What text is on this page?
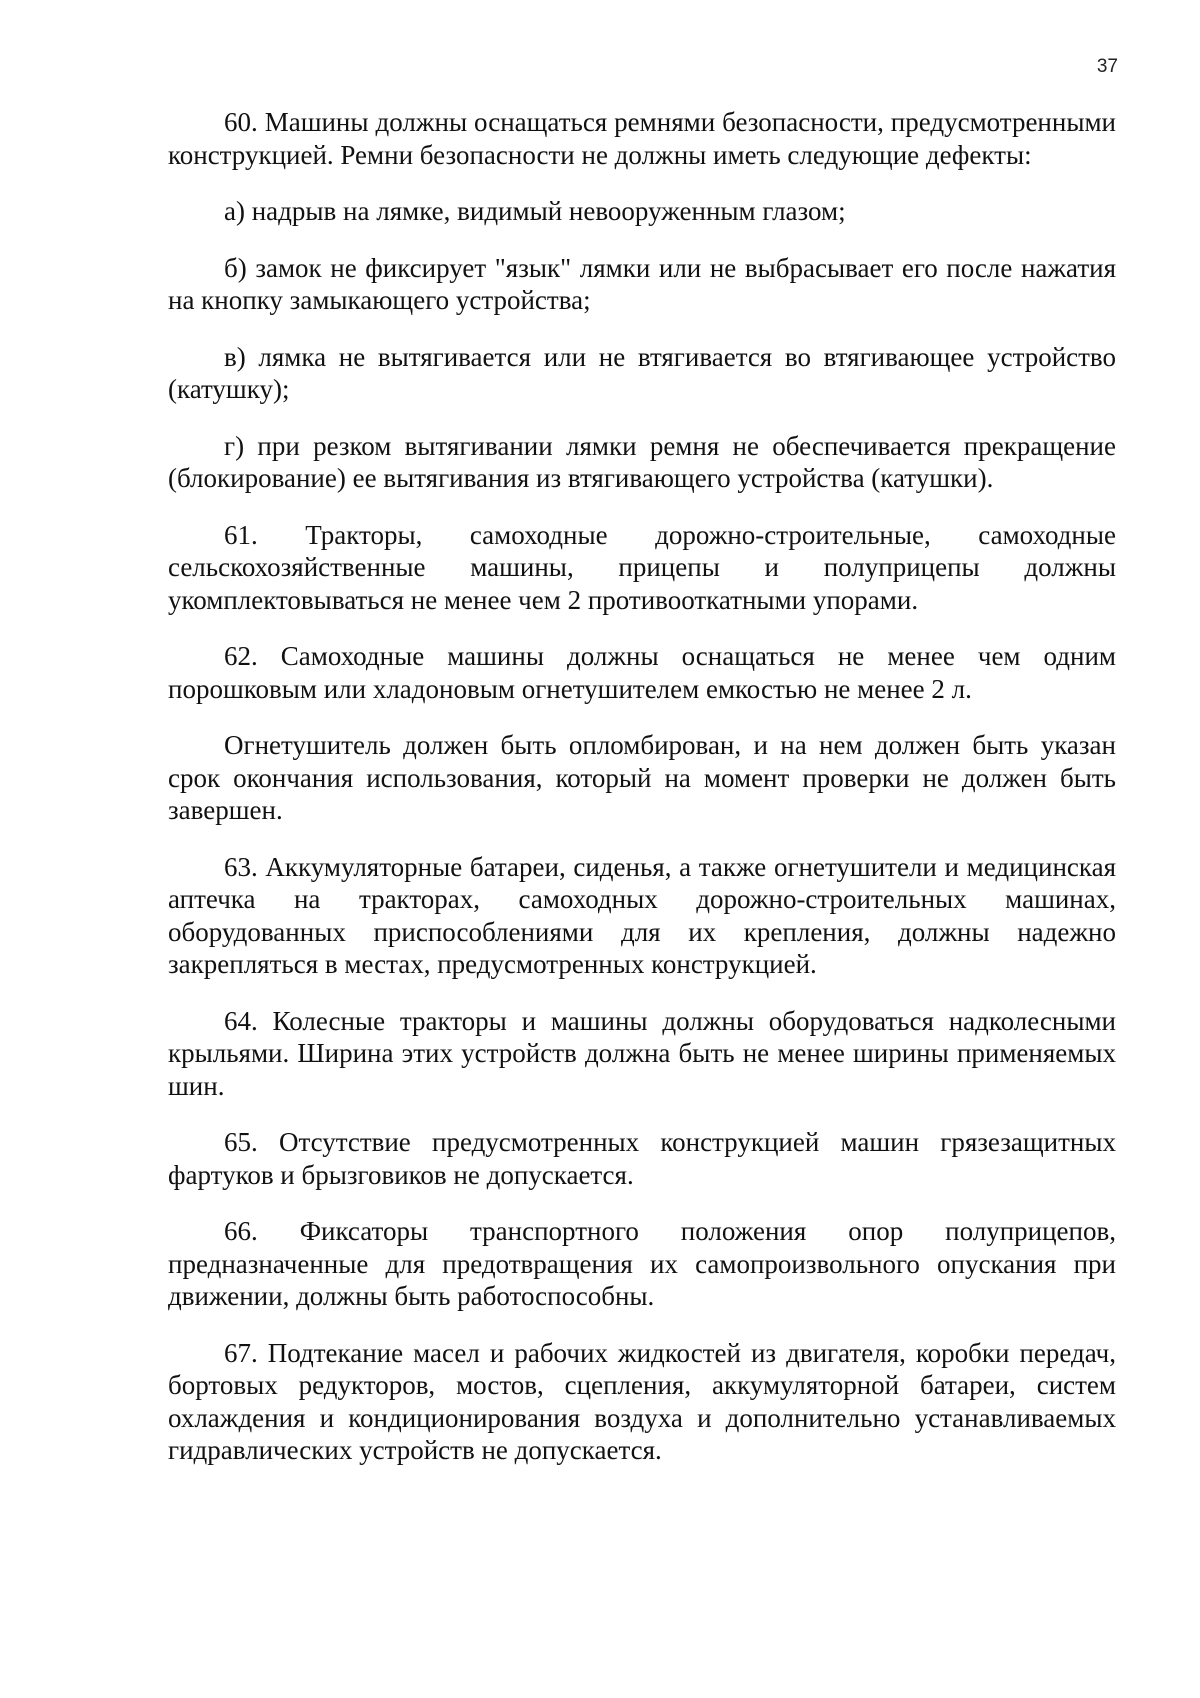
37

60. Машины должны оснащаться ремнями безопасности, предусмотренными конструкцией. Ремни безопасности не должны иметь следующие дефекты:

а) надрыв на лямке, видимый невооруженным глазом;

б) замок не фиксирует "язык" лямки или не выбрасывает его после нажатия на кнопку замыкающего устройства;

в) лямка не вытягивается или не втягивается во втягивающее устройство (катушку);

г) при резком вытягивании лямки ремня не обеспечивается прекращение (блокирование) ее вытягивания из втягивающего устройства (катушки).

61. Тракторы, самоходные дорожно-строительные, самоходные сельскохозяйственные машины, прицепы и полуприцепы должны укомплектовываться не менее чем 2 противооткатными упорами.

62. Самоходные машины должны оснащаться не менее чем одним порошковым или хладоновым огнетушителем емкостью не менее 2 л.

Огнетушитель должен быть опломбирован, и на нем должен быть указан срок окончания использования, который на момент проверки не должен быть завершен.

63. Аккумуляторные батареи, сиденья, а также огнетушители и медицинская аптечка на тракторах, самоходных дорожно-строительных машинах, оборудованных приспособлениями для их крепления, должны надежно закрепляться в местах, предусмотренных конструкцией.

64. Колесные тракторы и машины должны оборудоваться надколесными крыльями. Ширина этих устройств должна быть не менее ширины применяемых шин.

65. Отсутствие предусмотренных конструкцией машин грязезащитных фартуков и брызговиков не допускается.

66. Фиксаторы транспортного положения опор полуприцепов, предназначенные для предотвращения их самопроизвольного опускания при движении, должны быть работоспособны.

67. Подтекание масел и рабочих жидкостей из двигателя, коробки передач, бортовых редукторов, мостов, сцепления, аккумуляторной батареи, систем охлаждения и кондиционирования воздуха и дополнительно устанавливаемых гидравлических устройств не допускается.
